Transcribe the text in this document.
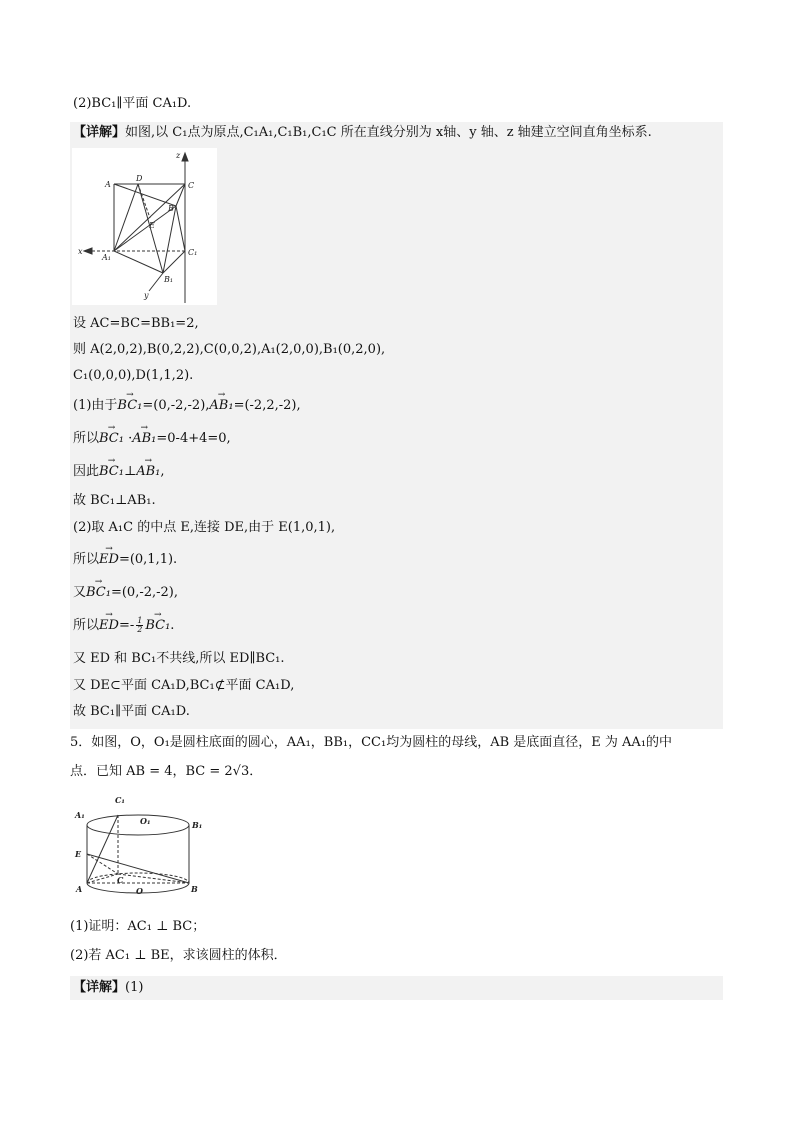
(2)BC₁∥平面 CA₁D.
【详解】如图,以 C₁点为原点,C₁A₁,C₁B₁,C₁C 所在直线分别为 x轴、y 轴、z 轴建立空间直角坐标系.
A
D
C
B
E
x
A₁
C₁
B₁
y
z
设 AC=BC=BB₁=2,
则 A(2,0,2),B(0,2,2),C(0,0,2),A₁(2,0,0),B₁(0,2,0),
C₁(0,0,0),D(1,1,2).
(1)由于→ BC₁=(0,-2,-2),→ AB₁=(-2,2,-2),
所以→ BC₁ ·→ AB₁=0-4+4=0,
因此→ BC₁⊥→ AB₁,
故 BC₁⊥AB₁.
(2)取 A₁C 的中点 E,连接 DE,由于 E(1,0,1),
所以→ ED=(0,1,1).
又→ BC₁=(0,-2,-2),
所以→ $ED=- \frac{1}{2}$
→ BC₁.
又 ED 和 BC₁不共线,所以 ED∥BC₁.
又 DE⊂平面 CA₁D,BC₁⊄平面 CA₁D,
故 BC₁∥平面 CA₁D.
5．如图，O，O₁是圆柱底面的圆心，AA₁，BB₁，CC₁均为圆柱的母线，AB 是底面直径，E 为 AA₁的中
点．已知 AB = 4，BC = 2√3．
C₁
A₁
O₁	B₁
E
C
A	O	B
(1)证明：AC₁ ⊥ BC；
(2)若 AC₁ ⊥ BE，求该圆柱的体积．
【详解】(1)
